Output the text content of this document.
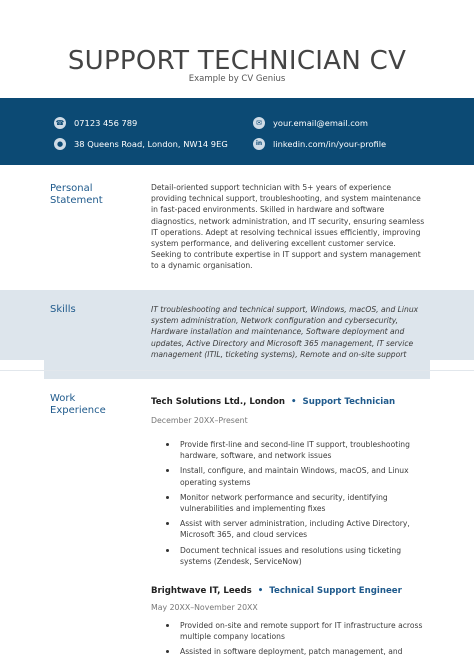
SUPPORT TECHNICIAN CV
Example by CV Genius
☎ 07123 456 789
●	38 Queens Road, London, NW14 9EG
✉	your.email@email.com
in	linkedin.com/in/your-profile
Personal
Statement
Detail-oriented support technician with 5+ years of experience providing technical support, troubleshooting, and system maintenance in fast-paced environments. Skilled in hardware and software diagnostics, network administration, and IT security, ensuring seamless IT operations. Adept at resolving technical issues efficiently, improving system performance, and delivering excellent customer service. Seeking to contribute expertise in IT support and system management to a dynamic organisation.
Skills	IT troubleshooting and technical support, Windows, macOS, and Linux system administration, Network configuration and cybersecurity, Hardware installation and maintenance, Software deployment and updates, Active Directory and Microsoft 365 management, IT service management (ITIL, ticketing systems), Remote and on-site support
Work
Experience
Tech Solutions Ltd., London • Support Technician
December 20XX–Present
Provide first-line and second-line IT support, troubleshooting hardware, software, and network issues
Install, configure, and maintain Windows, macOS, and Linux operating systems
Monitor network performance and security, identifying vulnerabilities and implementing fixes
Assist with server administration, including Active Directory, Microsoft 365, and cloud services
Document technical issues and resolutions using ticketing systems (Zendesk, ServiceNow)
Brightwave IT, Leeds • Technical Support Engineer
May 20XX–November 20XX
Provided on-site and remote support for IT infrastructure across multiple company locations
Assisted in software deployment, patch management, and
